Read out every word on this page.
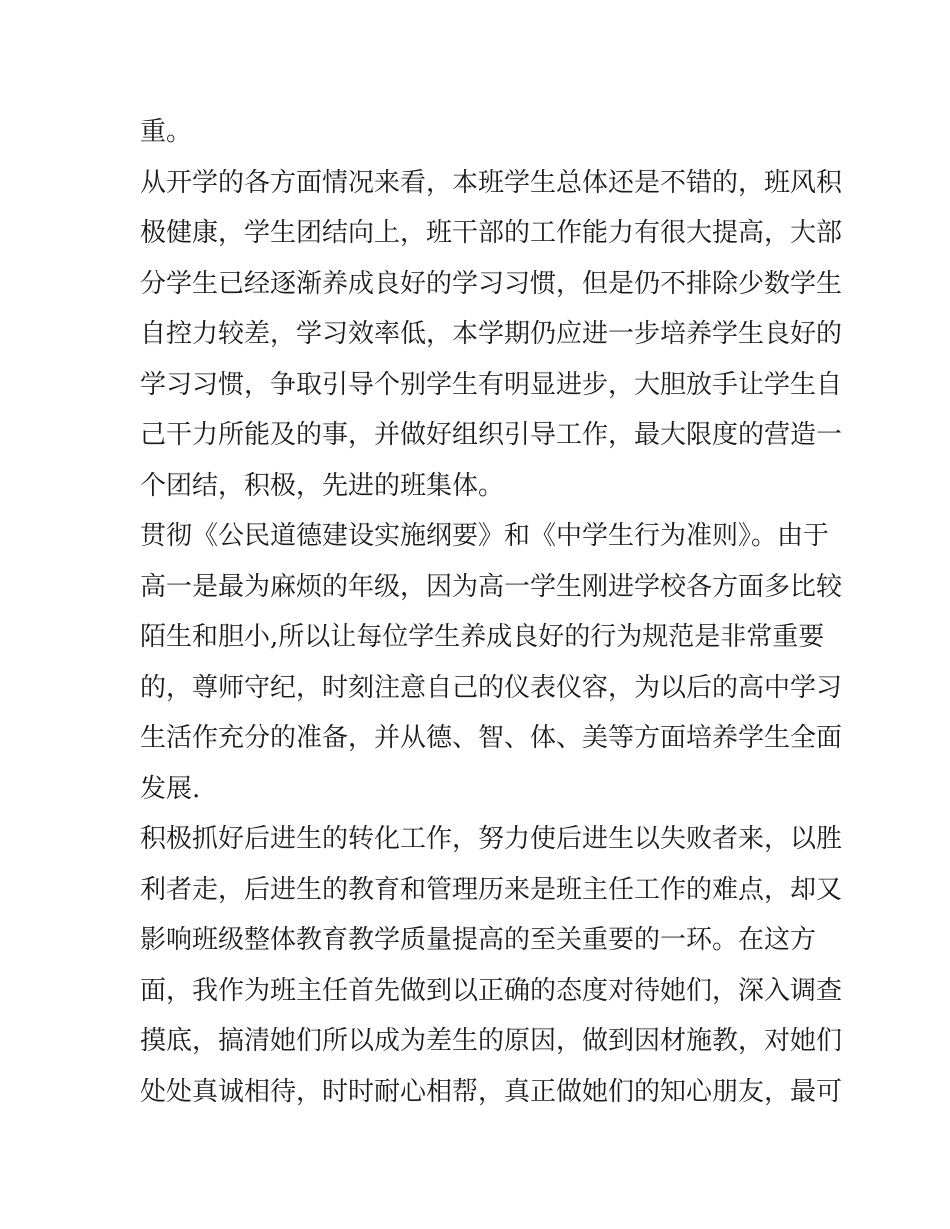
重。
从开学的各方面情况来看，本班学生总体还是不错的，班风积
极健康，学生团结向上，班干部的工作能力有很大提高，大部
分学生已经逐渐养成良好的学习习惯，但是仍不排除少数学生
自控力较差，学习效率低，本学期仍应进一步培养学生良好的
学习习惯，争取引导个别学生有明显进步，大胆放手让学生自
己干力所能及的事，并做好组织引导工作，最大限度的营造一
个团结，积极，先进的班集体。
贯彻《公民道德建设实施纲要》和《中学生行为准则》。由于
高一是最为麻烦的年级，因为高一学生刚进学校各方面多比较
陌生和胆小,所以让每位学生养成良好的行为规范是非常重要
的，尊师守纪，时刻注意自己的仪表仪容，为以后的高中学习
生活作充分的准备，并从德、智、体、美等方面培养学生全面
发展.
积极抓好后进生的转化工作，努力使后进生以失败者来，以胜
利者走，后进生的教育和管理历来是班主任工作的难点，却又
影响班级整体教育教学质量提高的至关重要的一环。在这方
面，我作为班主任首先做到以正确的态度对待她们，深入调查
摸底，搞清她们所以成为差生的原因，做到因材施教，对她们
处处真诚相待，时时耐心相帮，真正做她们的知心朋友，最可
